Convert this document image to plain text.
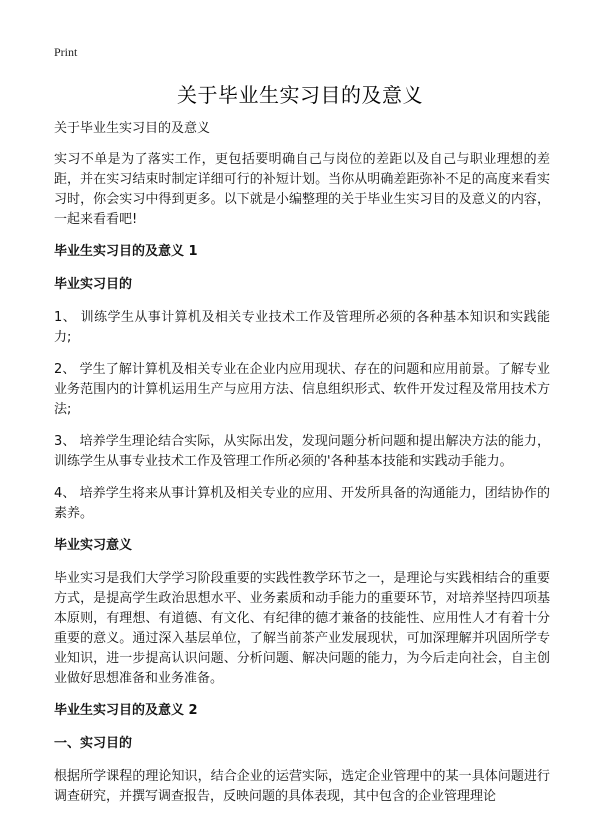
Print
关于毕业生实习目的及意义

关于毕业生实习目的及意义

实习不单是为了落实工作，更包括要明确自己与岗位的差距以及自己与职业理想的差距，并在实习结束时制定详细可行的补短计划。当你从明确差距弥补不足的高度来看实习时，你会实习中得到更多。以下就是小编整理的关于毕业生实习目的及意义的内容，一起来看看吧!

毕业生实习目的及意义 1

毕业实习目的

1、 训练学生从事计算机及相关专业技术工作及管理所必须的各种基本知识和实践能力;

2、 学生了解计算机及相关专业在企业内应用现状、存在的问题和应用前景。了解专业业务范围内的计算机运用生产与应用方法、信息组织形式、软件开发过程及常用技术方法;

3、 培养学生理论结合实际，从实际出发，发现问题分析问题和提出解决方法的能力，训练学生从事专业技术工作及管理工作所必须的'各种基本技能和实践动手能力。

4、 培养学生将来从事计算机及相关专业的应用、开发所具备的沟通能力，团结协作的素养。

毕业实习意义

毕业实习是我们大学学习阶段重要的实践性教学环节之一，是理论与实践相结合的重要方式，是提高学生政治思想水平、业务素质和动手能力的重要环节，对培养坚持四项基本原则，有理想、有道德、有文化、有纪律的德才兼备的技能性、应用性人才有着十分重要的意义。通过深入基层单位，了解当前茶产业发展现状，可加深理解并巩固所学专业知识，进一步提高认识问题、分析问题、解决问题的能力，为今后走向社会，自主创业做好思想准备和业务准备。

毕业生实习目的及意义 2

一、实习目的

根据所学课程的理论知识，结合企业的运营实际，选定企业管理中的某一具体问题进行调查研究，并撰写调查报告，反映问题的具体表现，其中包含的企业管理理论
